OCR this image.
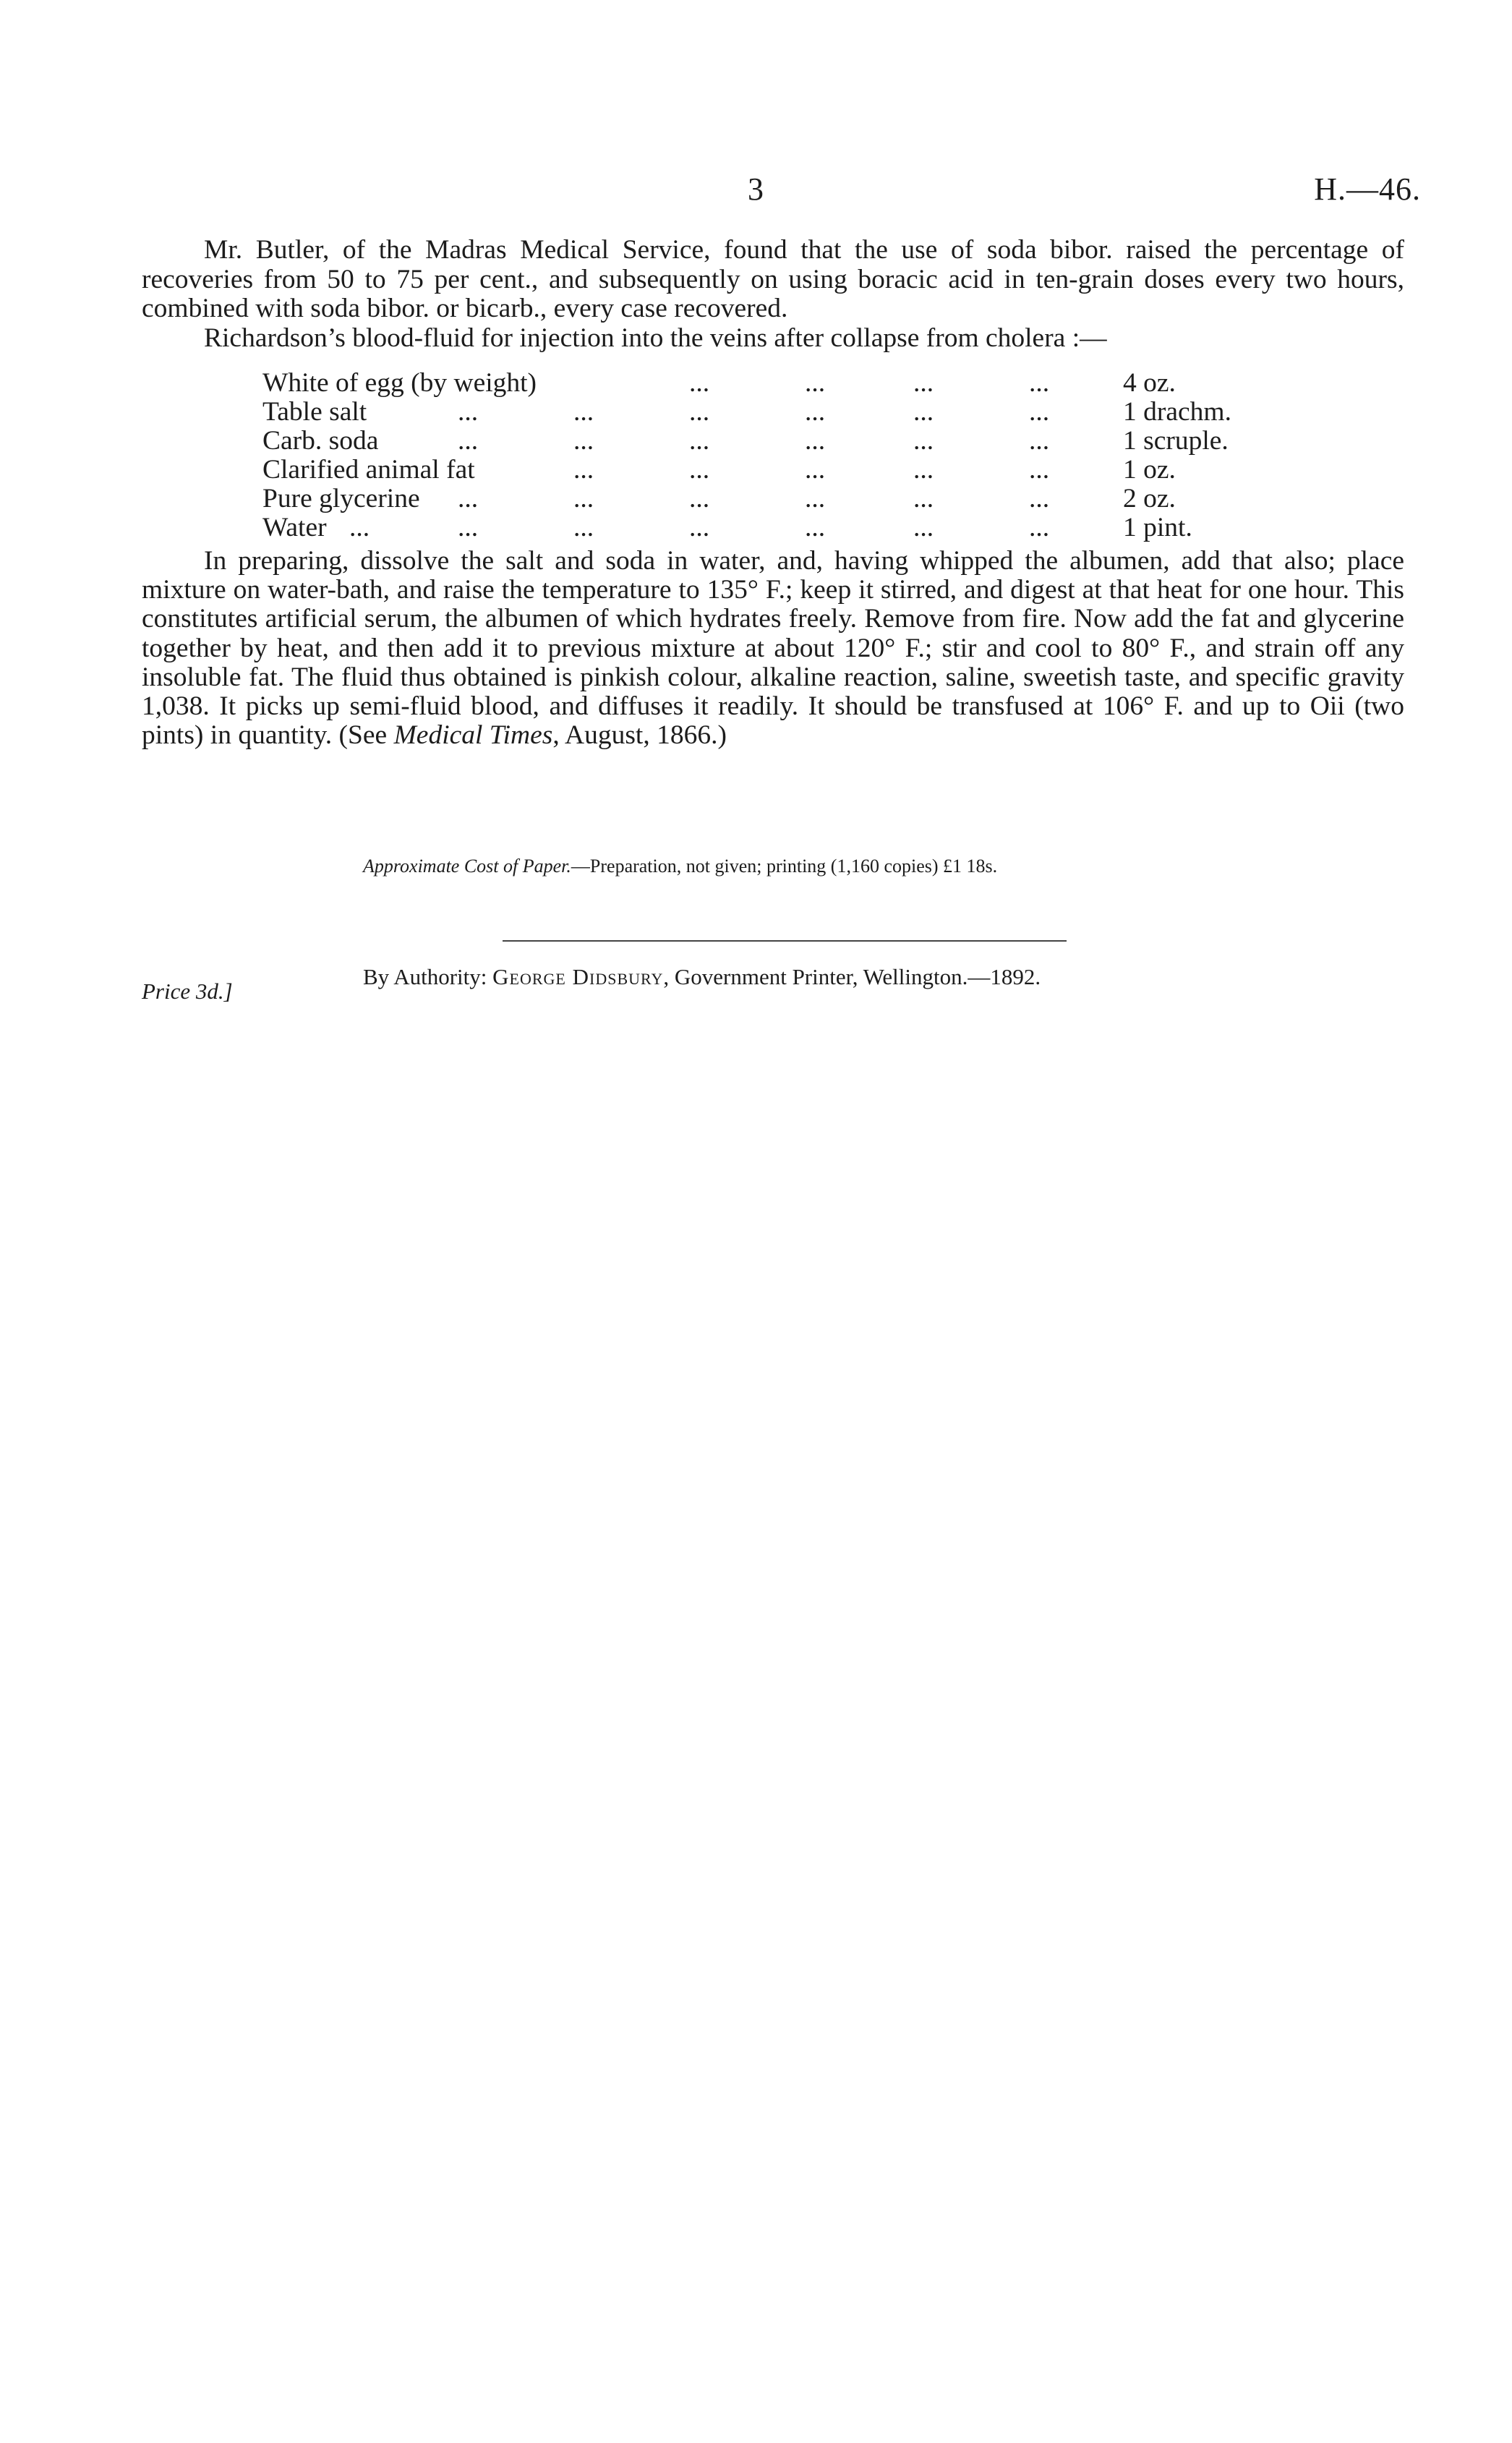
3	H.—46.

Mr. Butler, of the Madras Medical Service, found that the use of soda bibor. raised the percentage of recoveries from 50 to 75 per cent., and subsequently on using boracic acid in ten-grain doses every two hours, combined with soda bibor. or bicarb., every case recovered.

Richardson’s blood-fluid for injection into the veins after collapse from cholera :—

White of egg (by weight)	...	...	...	...	4 oz.
Table salt	...	...	...	...	...	...	1 drachm.
Carb. soda	...	...	...	...	...	...	1 scruple.
Clarified animal fat	...	...	...	...	...	1 oz.
Pure glycerine ...	...	...	...	...	...	2 oz.
Water ...	...	...	...	...	...	...	1 pint.

In preparing, dissolve the salt and soda in water, and, having whipped the albumen, add that also; place mixture on water-bath, and raise the temperature to 135° F.; keep it stirred, and digest at that heat for one hour. This constitutes artificial serum, the albumen of which hydrates freely. Remove from fire. Now add the fat and glycerine together by heat, and then add it to previous mixture at about 120° F.; stir and cool to 80° F., and strain off any insoluble fat. The fluid thus obtained is pinkish colour, alkaline reaction, saline, sweetish taste, and specific gravity 1,038. It picks up semi-fluid blood, and diffuses it readily. It should be transfused at 106° F. and up to Oii (two pints) in quantity. (See Medical Times, August, 1866.)

Approximate Cost of Paper.—Preparation, not given; printing (1,160 copies) £1 18s.
By Authority: George Didsbury, Government Printer, Wellington.—1892.
Price 3d.]
